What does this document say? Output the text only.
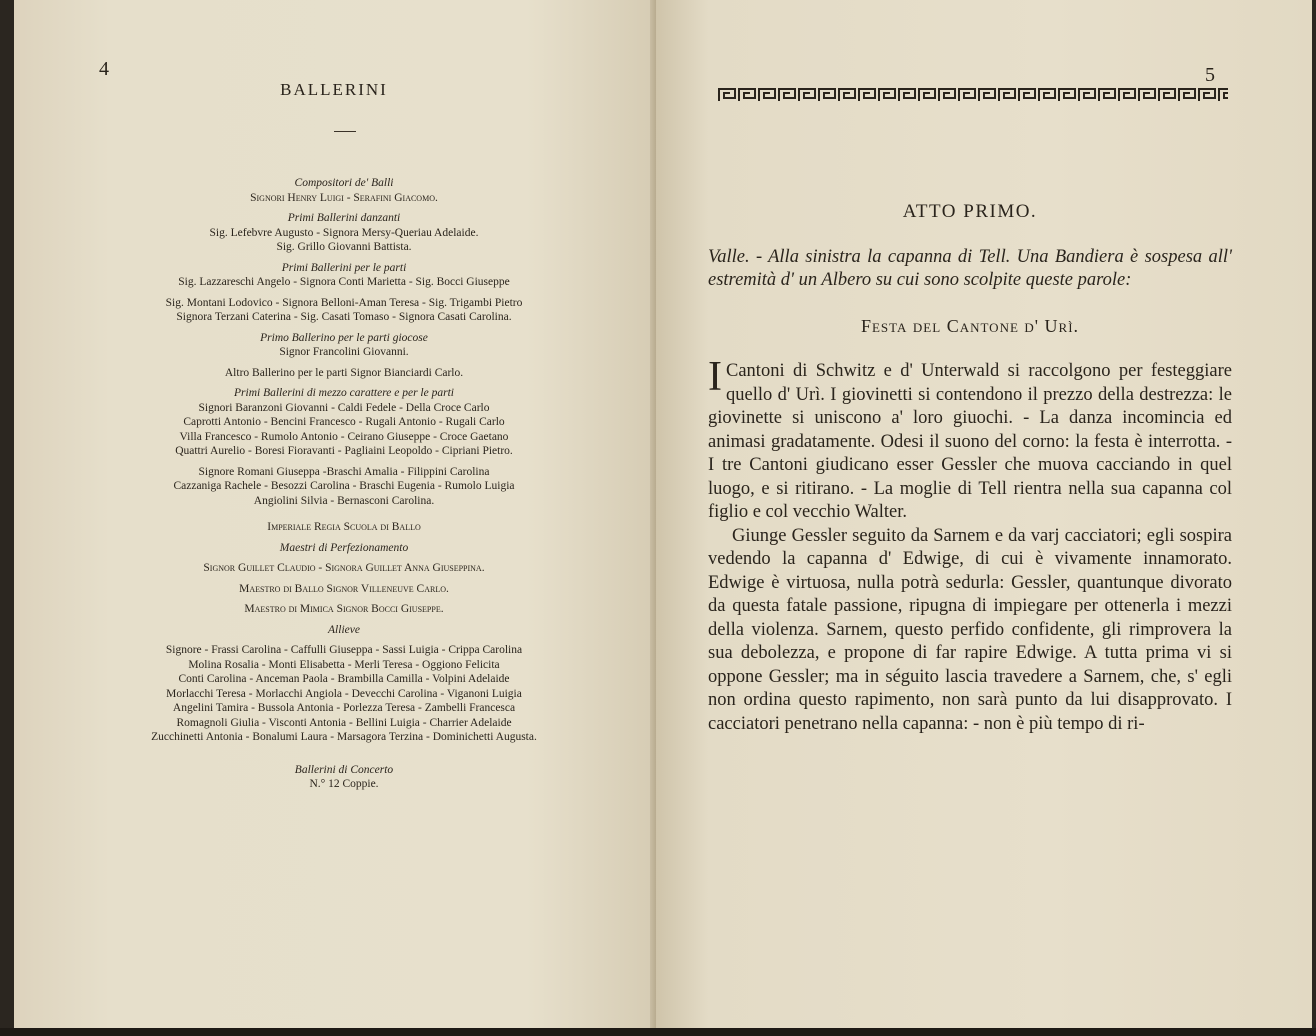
4
BALLERINI
Compositori de' Balli
Signori Henry Luigi - Serafini Giacomo.
Primi Ballerini danzanti
Sig. Lefebvre Augusto - Signora Mersy-Queriau Adelaide.
Sig. Grillo Giovanni Battista.
Primi Ballerini per le parti
Sig. Lazzareschi Angelo - Signora Conti Marietta - Sig. Bocci Giuseppe
Sig. Montani Lodovico - Signora Belloni-Aman Teresa - Sig. Trigambi Pietro
Signora Terzani Caterina - Sig. Casati Tomaso - Signora Casati Carolina.
Primo Ballerino per le parti giocose
Signor Francolini Giovanni.
Altro Ballerino per le parti Signor Bianciardi Carlo.
Primi Ballerini di mezzo carattere e per le parti
Signori Baranzoni Giovanni - Caldi Fedele - Della Croce Carlo
Caprotti Antonio - Bencini Francesco - Rugali Antonio - Rugali Carlo
Villa Francesco - Rumolo Antonio - Ceirano Giuseppe - Croce Gaetano
Quattri Aurelio - Boresi Fioravanti - Pagliaini Leopoldo - Cipriani Pietro.
Signore Romani Giuseppa -Braschi Amalia - Filippini Carolina
Cazzaniga Rachele - Besozzi Carolina - Braschi Eugenia - Rumolo Luigia
Angiolini Silvia - Bernasconi Carolina.
Imperiale Regia Scuola di Ballo
Maestri di Perfezionamento
Signor Guillet Claudio - Signora Guillet Anna Giuseppina.
Maestro di Ballo Signor Villeneuve Carlo.
Maestro di Mimica Signor Bocci Giuseppe.
Allieve
Signore - Frassi Carolina - Caffulli Giuseppa - Sassi Luigia - Crippa Carolina
Molina Rosalia - Monti Elisabetta - Merli Teresa - Oggiono Felicita
Conti Carolina - Anceman Paola - Brambilla Camilla - Volpini Adelaide
Morlacchi Teresa - Morlacchi Angiola - Devecchi Carolina - Viganoni Luigia
Angelini Tamira - Bussola Antonia - Porlezza Teresa - Zambelli Francesca
Romagnoli Giulia - Visconti Antonia - Bellini Luigia - Charrier Adelaide
Zucchinetti Antonia - Bonalumi Laura - Marsagora Terzina - Dominichetti Augusta.
Ballerini di Concerto
N.° 12 Coppie.
5
ATTO PRIMO.
Valle. - Alla sinistra la capanna di Tell. Una Bandiera è sospesa all' estremità d' un Albero su cui sono scolpite queste parole:
Festa del Cantone d' Urì.
I Cantoni di Schwitz e d' Unterwald si raccolgono per festeggiare quello d' Urì. I giovinetti si contendono il prezzo della destrezza: le giovinette si uniscono a' loro giuochi. - La danza incomincia ed animasi gradatamente. Odesi il suono del corno: la festa è interrotta. - I tre Cantoni giudicano esser Gessler che muova cacciando in quel luogo, e si ritirano. - La moglie di Tell rientra nella sua capanna col figlio e col vecchio Walter.
Giunge Gessler seguito da Sarnem e da varj cacciatori; egli sospira vedendo la capanna d' Edwige, di cui è vivamente innamorato. Edwige è virtuosa, nulla potrà sedurla: Gessler, quantunque divorato da questa fatale passione, ripugna di impiegare per ottenerla i mezzi della violenza. Sarnem, questo perfido confidente, gli rimprovera la sua debolezza, e propone di far rapire Edwige. A tutta prima vi si oppone Gessler; ma in séguito lascia travedere a Sarnem, che, s' egli non ordina questo rapimento, non sarà punto da lui disapprovato. I cacciatori penetrano nella capanna: - non è più tempo di ri-
